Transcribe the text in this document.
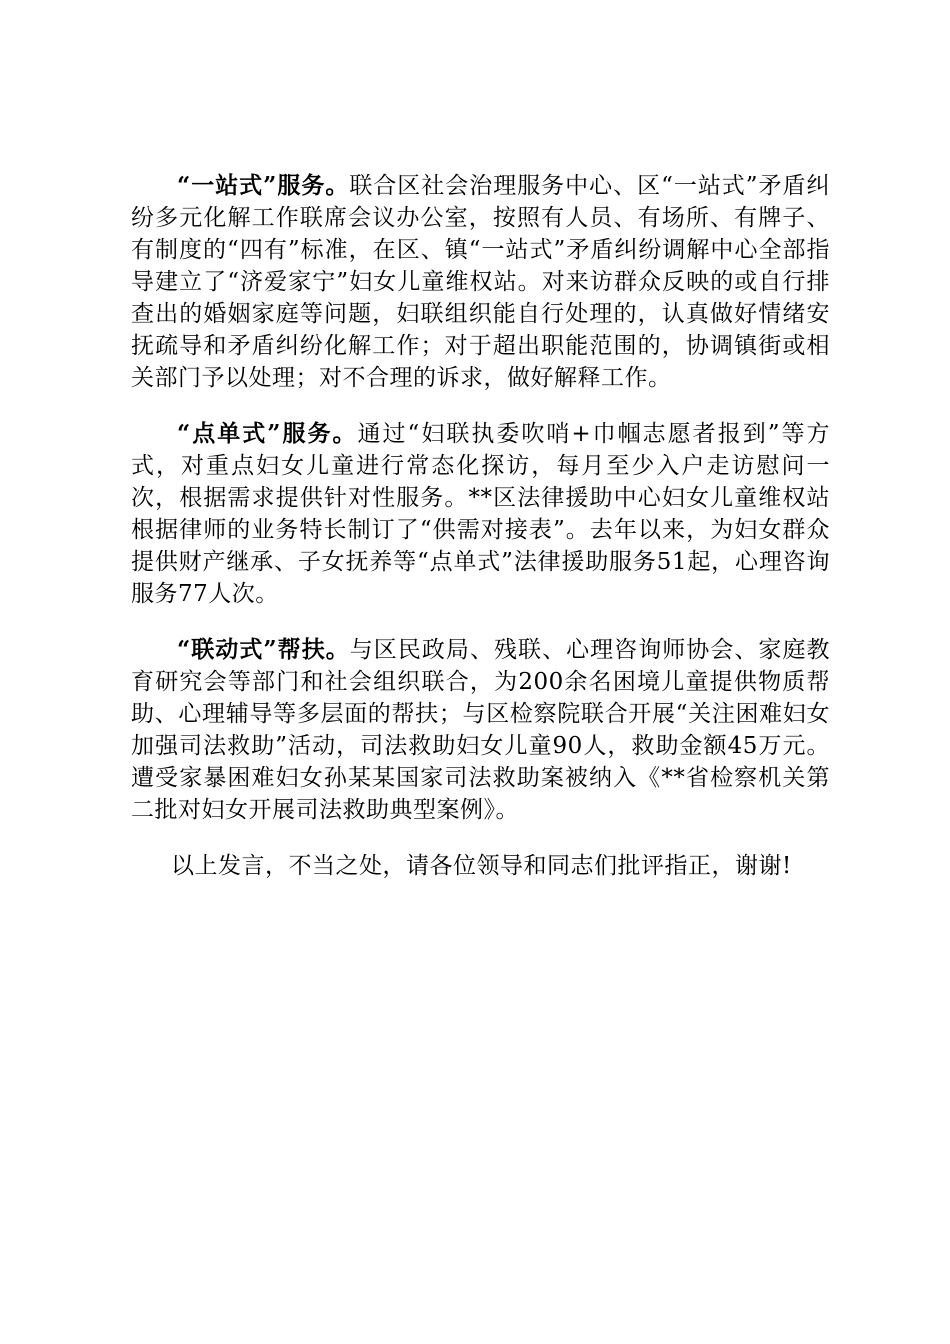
“一站式”服务。联合区社会治理服务中心、区“一站式”矛盾纠纷多元化解工作联席会议办公室，按照有人员、有场所、有牌子、有制度的“四有”标准，在区、镇“一站式”矛盾纠纷调解中心全部指导建立了“济爱家宁”妇女儿童维权站。对来访群众反映的或自行排查出的婚姻家庭等问题，妇联组织能自行处理的，认真做好情绪安抚疏导和矛盾纠纷化解工作；对于超出职能范围的，协调镇街或相关部门予以处理；对不合理的诉求，做好解释工作。

“点单式”服务。通过“妇联执委吹哨+巾帼志愿者报到”等方式，对重点妇女儿童进行常态化探访，每月至少入户走访慰问一次，根据需求提供针对性服务。**区法律援助中心妇女儿童维权站根据律师的业务特长制订了“供需对接表”。去年以来，为妇女群众提供财产继承、子女抚养等“点单式”法律援助服务51起，心理咨询服务77人次。

“联动式”帮扶。与区民政局、残联、心理咨询师协会、家庭教育研究会等部门和社会组织联合，为200余名困境儿童提供物质帮助、心理辅导等多层面的帮扶；与区检察院联合开展“关注困难妇女 加强司法救助”活动，司法救助妇女儿童90人，救助金额45万元。遭受家暴困难妇女孙某某国家司法救助案被纳入《**省检察机关第二批对妇女开展司法救助典型案例》。

以上发言，不当之处，请各位领导和同志们批评指正，谢谢!
